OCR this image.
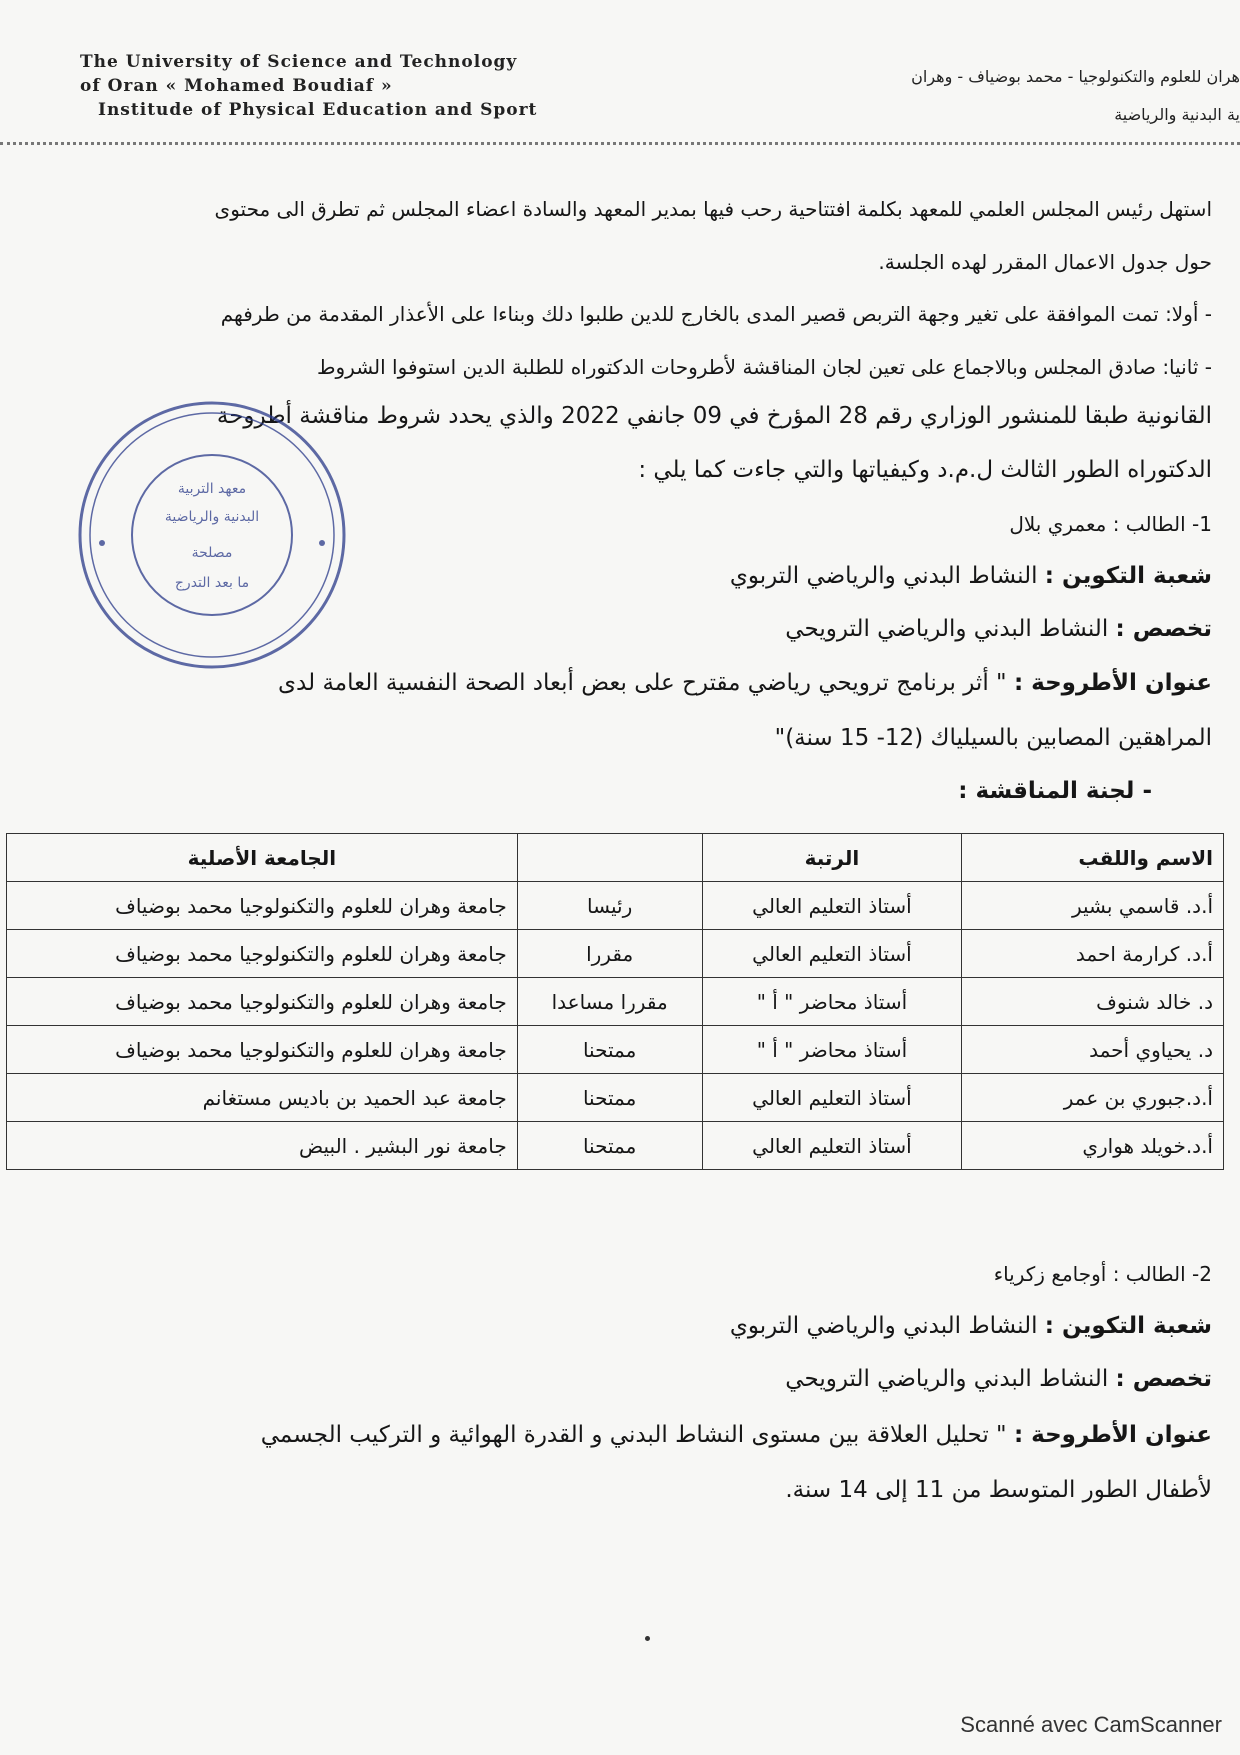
The University of Science and Technology
of Oran « Mohamed Boudiaf »
Institude of Physical Education and Sport
هران للعلوم والتكنولوجيا - محمد بوضياف - وهران
ية البدنية والرياضية
استهل رئيس المجلس العلمي للمعهد بكلمة افتتاحية رحب فيها بمدير المعهد والسادة اعضاء المجلس ثم تطرق الى محتوى
حول جدول الاعمال المقرر لهده الجلسة.
- أولا: تمت الموافقة على تغير وجهة التربص قصير المدى بالخارج للدين طلبوا دلك وبناءا على الأعذار المقدمة من طرفهم
- ثانيا: صادق المجلس وبالاجماع على تعين لجان المناقشة لأطروحات الدكتوراه للطلبة الدين استوفوا الشروط
القانونية طبقا للمنشور الوزاري رقم 28 المؤرخ في 09 جانفي 2022 والذي يحدد شروط مناقشة أطروحة
الدكتوراه الطور الثالث ل.م.د وكيفياتها والتي جاءت كما يلي :
1- الطالب : معمري بلال
شعبة التكوين : النشاط البدني والرياضي التربوي
تخصص : النشاط البدني والرياضي الترويحي
عنوان الأطروحة : " أثر برنامج ترويحي رياضي مقترح على بعض أبعاد الصحة النفسية العامة لدى
المراهقين المصابين بالسيلياك (12- 15 سنة)"
- لجنة المناقشة :
2- الطالب : أوجامع زكرياء
شعبة التكوين : النشاط البدني والرياضي التربوي
تخصص : النشاط البدني والرياضي الترويحي
عنوان الأطروحة : " تحليل العلاقة بين مستوى النشاط البدني و القدرة الهوائية و التركيب الجسمي
لأطفال الطور المتوسط من 11 إلى 14 سنة.
الاسم واللقب	الرتبة		الجامعة الأصلية
أ.د. قاسمي بشير	أستاذ التعليم العالي	رئيسا	جامعة وهران للعلوم والتكنولوجيا محمد بوضياف
أ.د. كرارمة احمد	أستاذ التعليم العالي	مقررا	جامعة وهران للعلوم والتكنولوجيا محمد بوضياف
د. خالد شنوف	أستاذ محاضر " أ "	مقررا مساعدا	جامعة وهران للعلوم والتكنولوجيا محمد بوضياف
د. يحياوي أحمد	أستاذ محاضر " أ "	ممتحنا	جامعة وهران للعلوم والتكنولوجيا محمد بوضياف
أ.د.جبوري بن عمر	أستاذ التعليم العالي	ممتحنا	جامعة عبد الحميد بن باديس مستغانم
أ.د.خويلد هواري	أستاذ التعليم العالي	ممتحنا	جامعة نور البشير . البيض
معهد التربية
البدنية والرياضية
مصلحة
ما بعد التدرج
Scanné avec CamScanner
